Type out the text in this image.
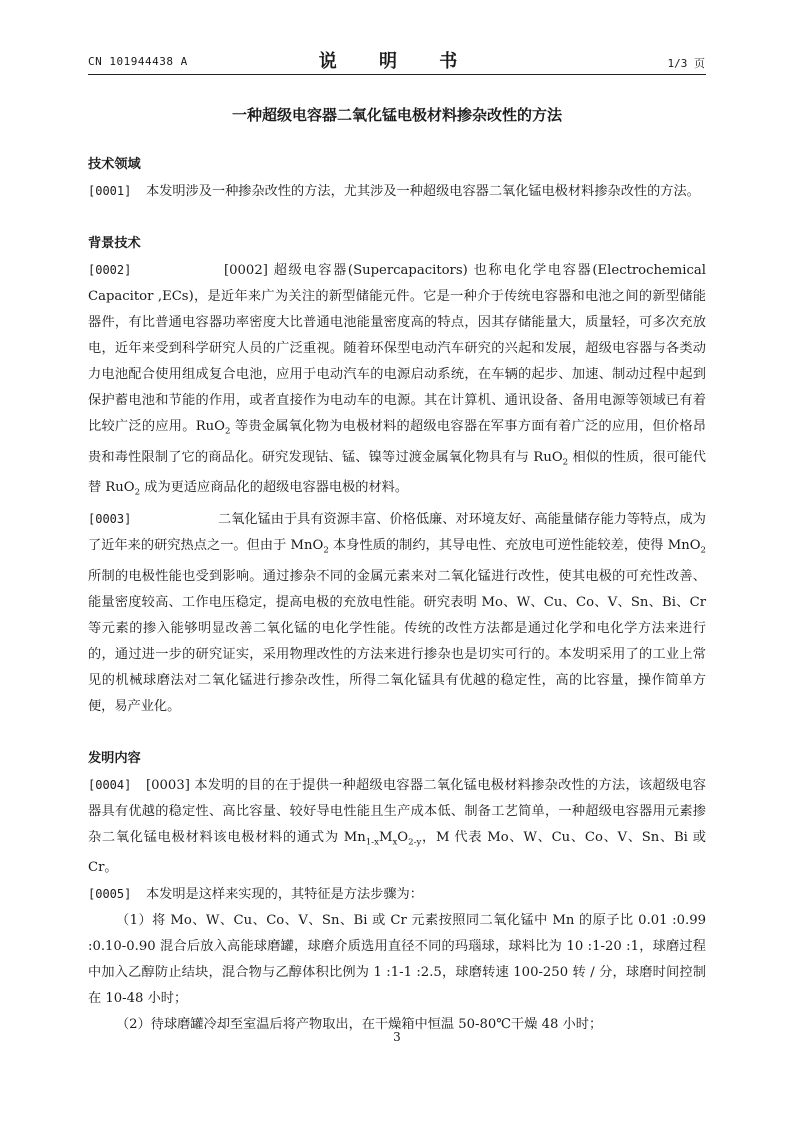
CN 101944438 A	说 明 书	1/3 页
一种超级电容器二氧化锰电极材料掺杂改性的方法
技术领域

[0001] 本发明涉及一种掺杂改性的方法，尤其涉及一种超级电容器二氧化锰电极材料掺杂改性的方法。

背景技术

[0002]	[0002] 超级电容器(Supercapacitors) 也称电化学电容器(Electrochemical Capacitor ,ECs)，是近年来广为关注的新型储能元件。它是一种介于传统电容器和电池之间的新型储能器件，有比普通电容器功率密度大比普通电池能量密度高的特点，因其存储能量大，质量轻，可多次充放电，近年来受到科学研究人员的广泛重视。随着环保型电动汽车研究的兴起和发展，超级电容器与各类动力电池配合使用组成复合电池，应用于电动汽车的电源启动系统，在车辆的起步、加速、制动过程中起到保护蓄电池和节能的作用，或者直接作为电动车的电源。其在计算机、通讯设备、备用电源等领域已有着比较广泛的应用。RuO$_2$ 等贵金属氧化物为电极材料的超级电容器在军事方面有着广泛的应用，但价格昂贵和毒性限制了它的商品化。研究发现钴、锰、镍等过渡金属氧化物具有与 RuO$_2$ 相似的性质，很可能代替 RuO$_2$ 成为更适应商品化的超级电容器电极的材料。

[0003]	二氧化锰由于具有资源丰富、价格低廉、对环境友好、高能量储存能力等特点，成为了近年来的研究热点之一。但由于 MnO$_2$ 本身性质的制约，其导电性、充放电可逆性能较差，使得 MnO$_2$ 所制的电极性能也受到影响。通过掺杂不同的金属元素来对二氧化锰进行改性，使其电极的可充性改善、能量密度较高、工作电压稳定，提高电极的充放电性能。研究表明 Mo、W、Cu、Co、V、Sn、Bi、Cr 等元素的掺入能够明显改善二氧化锰的电化学性能。传统的改性方法都是通过化学和电化学方法来进行的，通过进一步的研究证实，采用物理改性的方法来进行掺杂也是切实可行的。本发明采用了的工业上常见的机械球磨法对二氧化锰进行掺杂改性，所得二氧化锰具有优越的稳定性，高的比容量，操作简单方便，易产业化。

发明内容

[0004] [0003] 本发明的目的在于提供一种超级电容器二氧化锰电极材料掺杂改性的方法，该超级电容器具有优越的稳定性、高比容量、较好导电性能且生产成本低、制备工艺简单，一种超级电容器用元素掺杂二氧化锰电极材料该电极材料的通式为 $Mn_{1-x}M_xO_{2-y}$，M 代表 Mo、W、Cu、Co、V、Sn、Bi 或 Cr。

[0005] 本发明是这样来实现的，其特征是方法步骤为：

（1）将 Mo、W、Cu、Co、V、Sn、Bi 或 Cr 元素按照同二氧化锰中 Mn 的原子比 0.01 :0.99 :0.10-0.90 混合后放入高能球磨罐，球磨介质选用直径不同的玛瑙球，球料比为 10 :1-20 :1，球磨过程中加入乙醇防止结块，混合物与乙醇体积比例为 1 :1-1 :2.5，球磨转速 100-250 转 / 分，球磨时间控制在 10-48 小时；

（2）待球磨罐冷却至室温后将产物取出，在干燥箱中恒温 50-80℃干燥 48 小时；

3
